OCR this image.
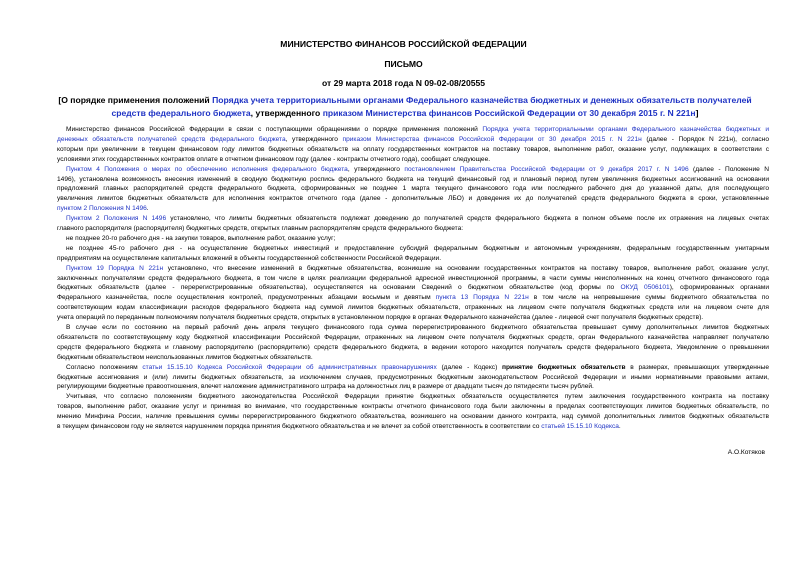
МИНИСТЕРСТВО ФИНАНСОВ РОССИЙСКОЙ ФЕДЕРАЦИИ
ПИСЬМО
от 29 марта 2018 года N 09-02-08/20555
[О порядке применения положений Порядка учета территориальными органами Федерального казначейства бюджетных и денежных обязательств получателей средств федерального бюджета, утвержденного приказом Министерства финансов Российской Федерации от 30 декабря 2015 г. N 221н]
Министерство финансов Российской Федерации в связи с поступающими обращениями о порядке применения положений Порядка учета территориальными органами Федерального казначейства бюджетных и
денежных обязательств получателей средств федерального бюджета, утвержденного приказом Министерства финансов Российской Федерации от 30 декабря 2015 г. N 221н (далее - Порядок N 221н), согласно
которым при увеличении в текущем финансовом году лимитов бюджетных обязательств на оплату государственных контрактов на поставку товаров, выполнение работ, оказание услуг, подлежащих в соответствии с
условиями этих государственных контрактов оплате в отчетном финансовом году (далее - контракты отчетного года), сообщает следующее.
Пунктом 4 Положения о мерах по обеспечению исполнения федерального бюджета, утвержденного постановлением Правительства Российской Федерации от 9 декабря 2017 г. N 1496 (далее - Положение N
1496), установлена возможность внесения изменений в сводную бюджетную роспись федерального бюджета на текущий финансовый год и плановый период путем увеличения бюджетных ассигнований на основании
предложений главных распорядителей средств федерального бюджета, сформированных не позднее 1 марта текущего финансового года или последнего рабочего дня до указанной даты, для последующего
увеличения лимитов бюджетных обязательств для исполнения контрактов отчетного года (далее - дополнительные ЛБО) и доведения их до получателей средств федерального бюджета в сроки, установленные
пунктом 2 Положения N 1496.
Пунктом 2 Положения N 1496 установлено, что лимиты бюджетных обязательств подлежат доведению до получателей средств федерального бюджета в полном объеме после их отражения на лицевых счетах
главного распорядителя (распорядителя) бюджетных средств, открытых главным распорядителям средств федерального бюджета:
не позднее 20-го рабочего дня - на закупки товаров, выполнение работ, оказание услуг;
не позднее 45-го рабочего дня - на осуществление бюджетных инвестиций и предоставление субсидий федеральным бюджетным и автономным учреждениям, федеральным государственным унитарным
предприятиям на осуществление капитальных вложений в объекты государственной собственности Российской Федерации.
Пунктом 19 Порядка N 221н установлено, что внесение изменений в бюджетные обязательства, возникшие на основании государственных контрактов на поставку товаров, выполнение работ, оказание услуг,
заключенных получателями средств федерального бюджета, в том числе в целях реализации федеральной адресной инвестиционной программы, в части суммы неисполненных на конец отчетного финансового года
бюджетных обязательств (далее - перерегистрированные обязательства), осуществляется на основании Сведений о бюджетном обязательстве (код формы по ОКУД 0506101), сформированных органами
Федерального казначейства, после осуществления контролей, предусмотренных абзацами восьмым и девятым пункта 13 Порядка N 221н в том числе на непревышение суммы бюджетного обязательства по
соответствующим кодам классификации расходов федерального бюджета над суммой лимитов бюджетных обязательств, отраженных на лицевом счете получателя бюджетных средств или на лицевом счете для
учета операций по переданным полномочиям получателя бюджетных средств, открытых в установленном порядке в органах Федерального казначейства (далее - лицевой счет получателя бюджетных средств).
В случае если по состоянию на первый рабочий день апреля текущего финансового года сумма перерегистрированного бюджетного обязательства превышает сумму дополнительных лимитов бюджетных
обязательств по соответствующему коду бюджетной классификации Российской Федерации, отраженных на лицевом счете получателя бюджетных средств, орган Федерального казначейства направляет получателю
средств федерального бюджета и главному распорядителю (распорядителю) средств федерального бюджета, в ведении которого находится получатель средств федерального бюджета, Уведомление о превышении
бюджетным обязательством неиспользованных лимитов бюджетных обязательств.
Согласно положениям статьи 15.15.10 Кодекса Российской Федерации об административных правонарушениях (далее - Кодекс) принятие бюджетных обязательств в размерах, превышающих утвержденные
бюджетные ассигнования и (или) лимиты бюджетных обязательств, за исключением случаев, предусмотренных бюджетным законодательством Российской Федерации и иными нормативными правовыми актами,
регулирующими бюджетные правоотношения, влечет наложение административного штрафа на должностных лиц в размере от двадцати тысяч до пятидесяти тысяч рублей.
Учитывая, что согласно положениям бюджетного законодательства Российской Федерации принятие бюджетных обязательств осуществляется путем заключения государственного контракта на поставку
товаров, выполнение работ, оказание услуг и принимая во внимание, что государственные контракты отчетного финансового года были заключены в пределах соответствующих лимитов бюджетных обязательств, по
мнению Минфина России, наличие превышения суммы перерегистрированного бюджетного обязательства, возникшего на основании данного контракта, над суммой дополнительных лимитов бюджетных обязательств
в текущем финансовом году не является нарушением порядка принятия бюджетного обязательства и не влечет за собой ответственность в соответствии со статьей 15.15.10 Кодекса.
А.О.Котяков
